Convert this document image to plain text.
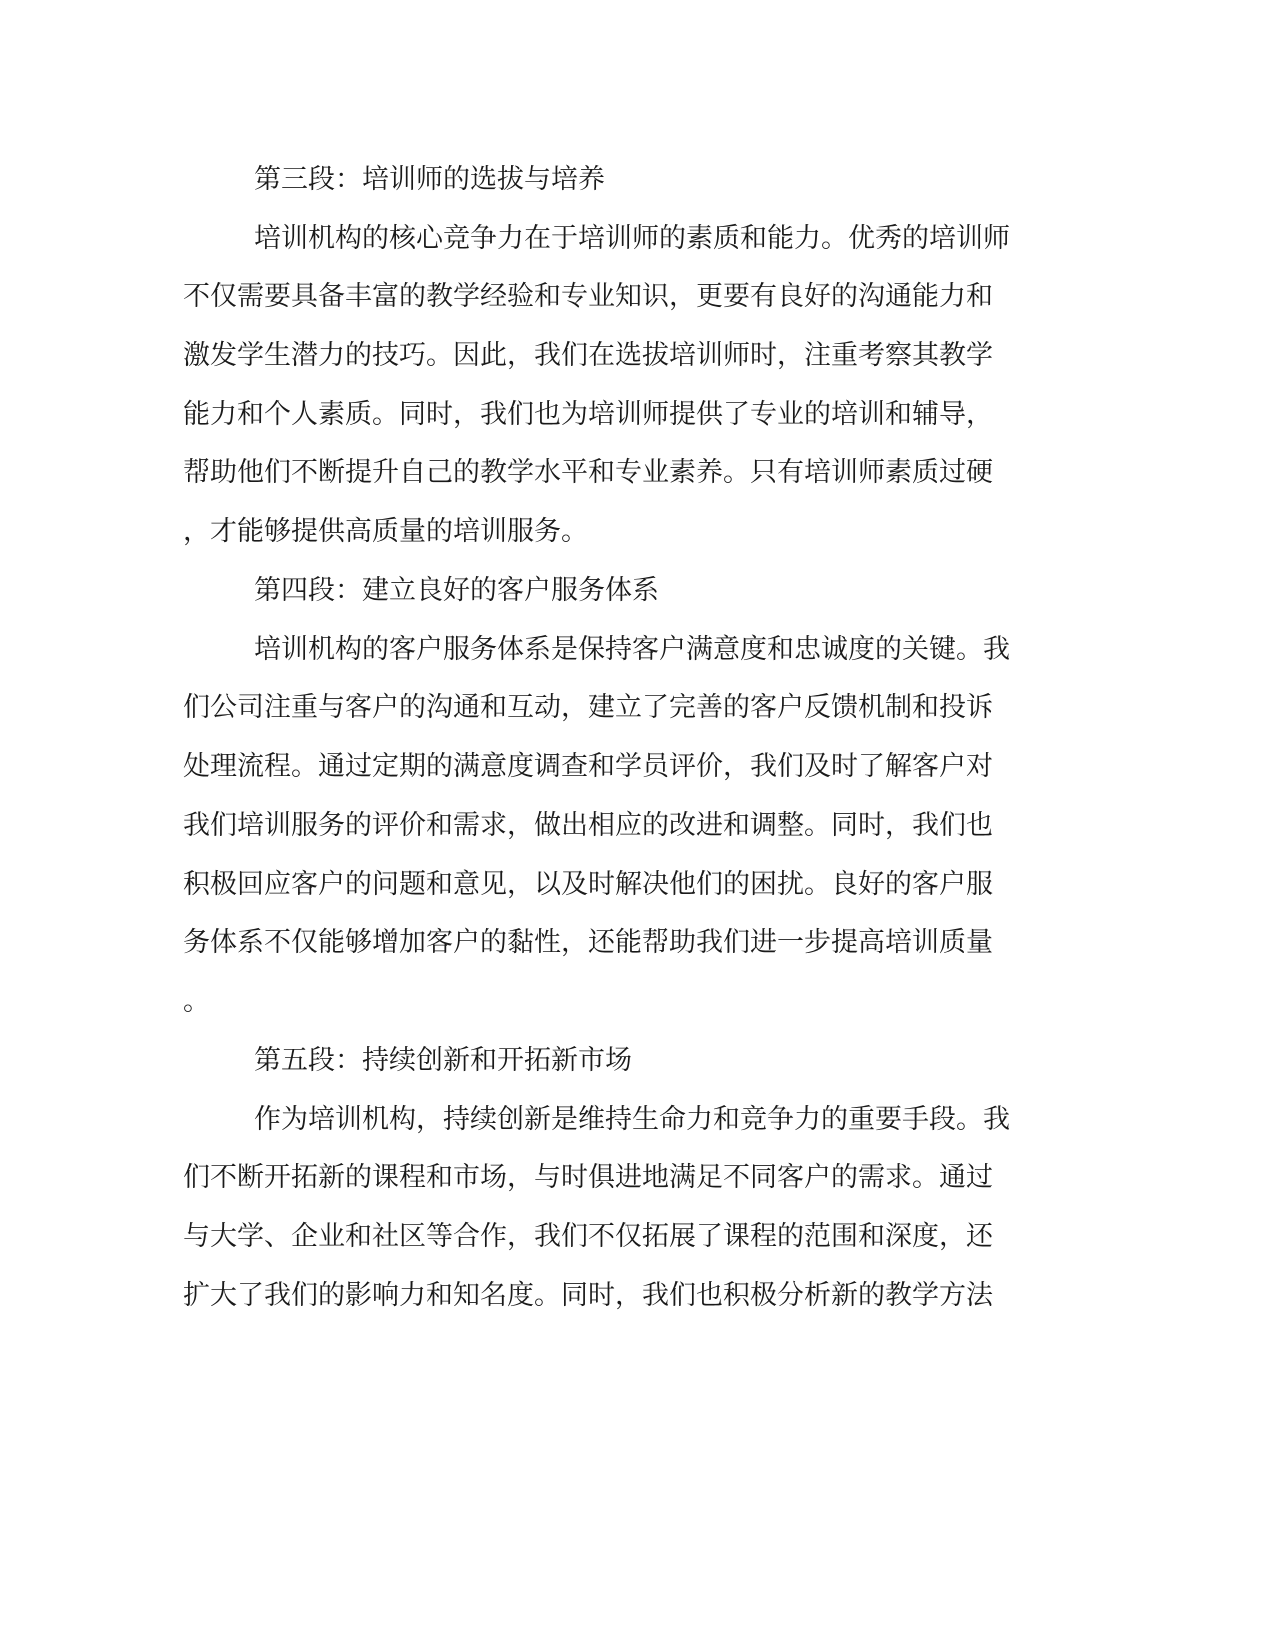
第三段：培训师的选拔与培养

培训机构的核心竞争力在于培训师的素质和能力。优秀的培训师

不仅需要具备丰富的教学经验和专业知识，更要有良好的沟通能力和

激发学生潜力的技巧。因此，我们在选拔培训师时，注重考察其教学

能力和个人素质。同时，我们也为培训师提供了专业的培训和辅导，

帮助他们不断提升自己的教学水平和专业素养。只有培训师素质过硬

，才能够提供高质量的培训服务。

第四段：建立良好的客户服务体系

培训机构的客户服务体系是保持客户满意度和忠诚度的关键。我

们公司注重与客户的沟通和互动，建立了完善的客户反馈机制和投诉

处理流程。通过定期的满意度调查和学员评价，我们及时了解客户对

我们培训服务的评价和需求，做出相应的改进和调整。同时，我们也

积极回应客户的问题和意见，以及时解决他们的困扰。良好的客户服

务体系不仅能够增加客户的黏性，还能帮助我们进一步提高培训质量

。

第五段：持续创新和开拓新市场

作为培训机构，持续创新是维持生命力和竞争力的重要手段。我

们不断开拓新的课程和市场，与时俱进地满足不同客户的需求。通过

与大学、企业和社区等合作，我们不仅拓展了课程的范围和深度，还

扩大了我们的影响力和知名度。同时，我们也积极分析新的教学方法
